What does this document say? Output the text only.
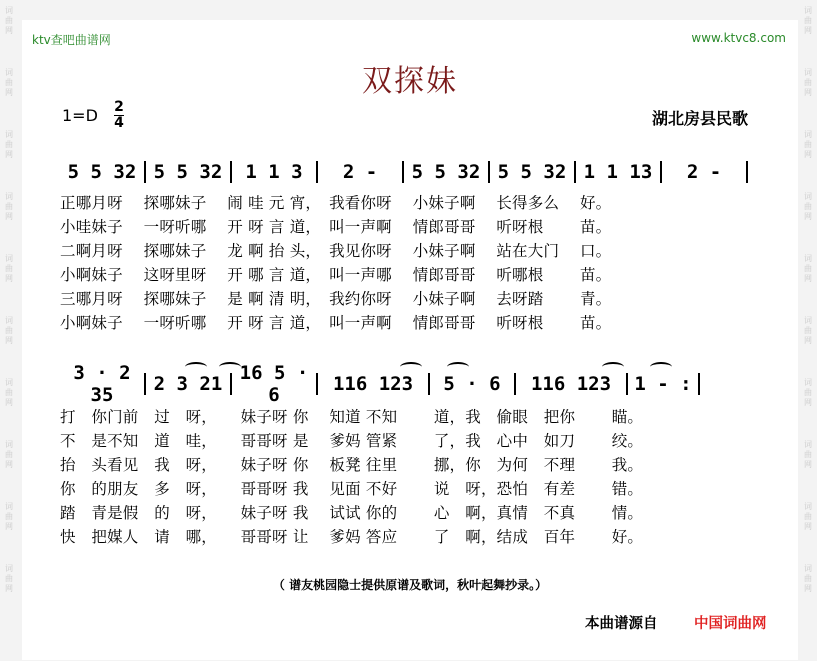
词
曲
网
词
曲
网
词
曲
网
词
曲
网
词
曲
网
词
曲
网
词
曲
网
词
曲
网
词
曲
网
词
曲
网
词
曲
网
词
曲
网
词
曲
网
词
曲
网
词
曲
网
词
曲
网
词
曲
网
词
曲
网
词
曲
网
词
曲
网
ktv查吧曲谱网	www.ktvc8.com
双探妹
1=D 2
4	湖北房县民歌
5 5 32 5 5 32	1 1 3	2 -	5 5 32 5 5 32 1 1 13	2 -
正哪月呀　 探哪妹子　 闹 哇 元 宵，　我看你呀　 小妹子啊　 长得多么　 好。
小哇妹子　 一呀听哪　 开 呀 言 道，　叫一声啊　 情郎哥哥　 听呀根　　 苗。
二啊月呀　 探哪妹子　 龙 啊 抬 头，　我见你呀　 小妹子啊　 站在大门　 口。
小啊妹子　 这呀里呀　 开 哪 言 道，　叫一声哪　 情郎哥哥　 听哪根　　 苗。
三哪月呀　 探哪妹子　 是 啊 清 明，　我约你呀　 小妹子啊　 去呀踏　　 青。
小啊妹子　 一呀听哪　 开 呀 言 道，　叫一声啊　 情郎哥哥　 听呀根　　 苗。
3 · 2 35	2 3 21 16 5 · 6	116 123	5 · 6	116 123	1 - :
打　你门前　过　呀，　　妹子呀 你　 知道 不知　　 道，我　偷眼　把你　　 瞄。
不　是不知　道　哇，　　哥哥呀 是　 爹妈 管紧　　 了，我　心中　如刀　　 绞。
抬　头看见　我　呀，　　妹子呀 你　 板凳 往里　　 挪，你　为何　不理　　 我。
你　的朋友　多　呀，　　哥哥呀 我　 见面 不好　　 说　呀，恐怕　有差　　 错。
踏　青是假　的　呀，　　妹子呀 我　 试试 你的　　 心　啊，真情　不真　　 情。
快　把媒人　请　哪，　　哥哥呀 让　 爹妈 答应　　 了　啊，结成　百年　　 好。
（ 谱友桃园隐士提供原谱及歌词，秋叶起舞抄录。）
本曲谱源自	中国词曲网
